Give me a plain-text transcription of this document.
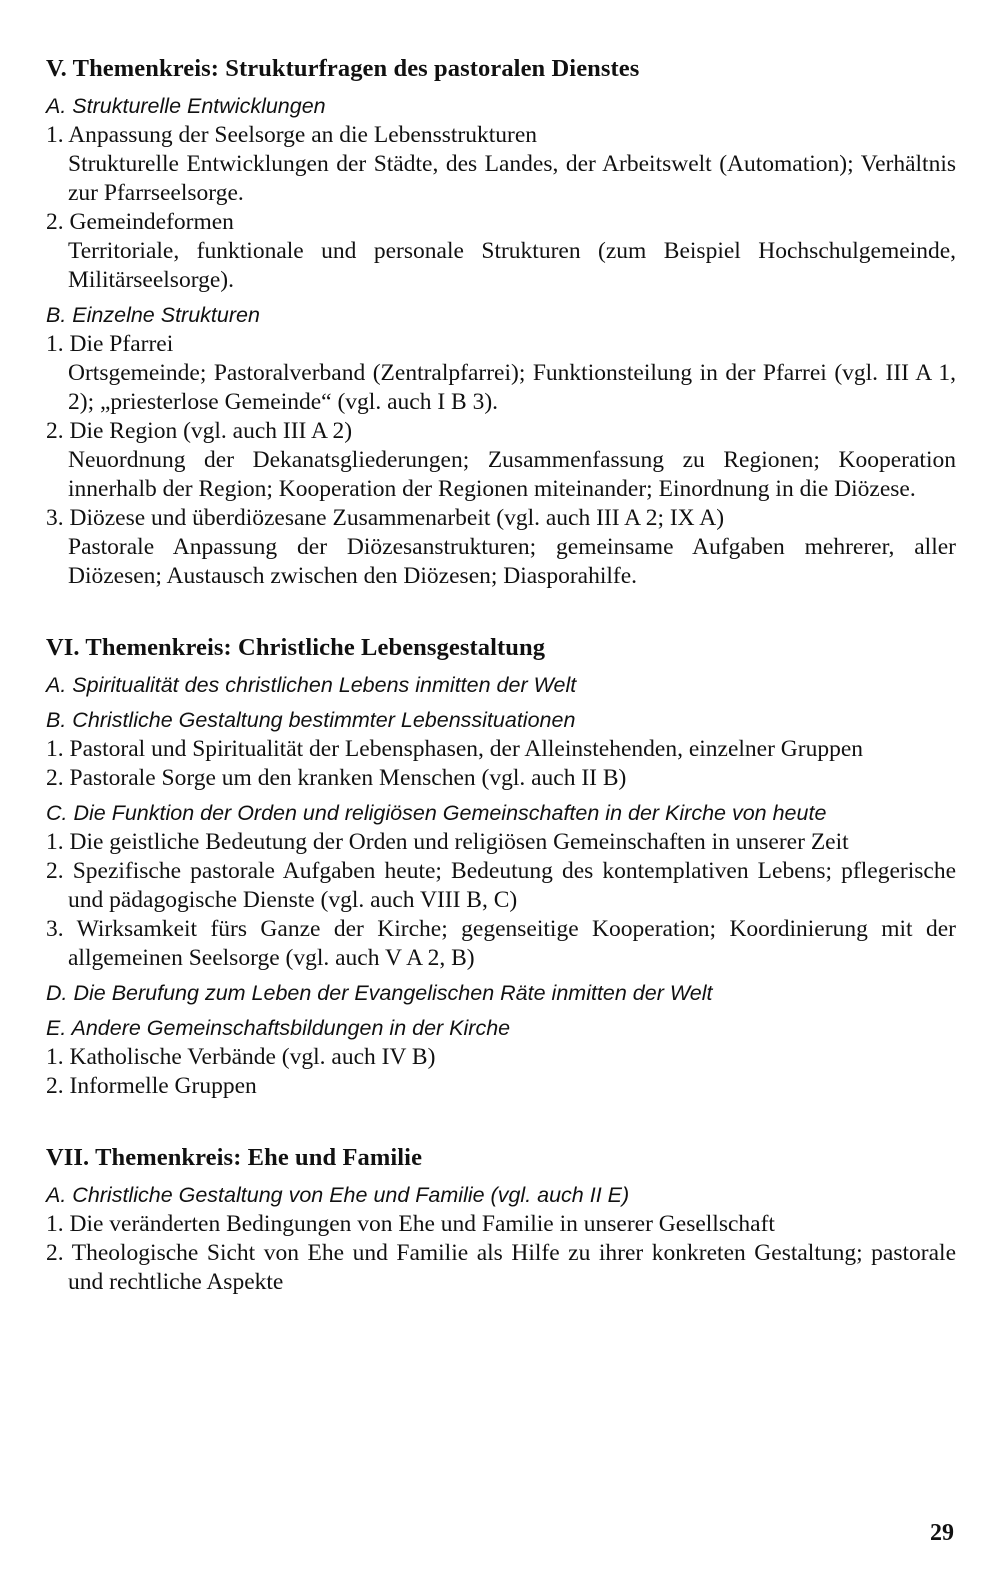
V. Themenkreis: Strukturfragen des pastoralen Dienstes
A. Strukturelle Entwicklungen
1. Anpassung der Seelsorge an die Lebensstrukturen
Strukturelle Entwicklungen der Städte, des Landes, der Arbeitswelt (Automation); Verhältnis zur Pfarrseelsorge.
2. Gemeindeformen
Territoriale, funktionale und personale Strukturen (zum Beispiel Hochschulgemeinde, Militärseelsorge).
B. Einzelne Strukturen
1. Die Pfarrei
Ortsgemeinde; Pastoralverband (Zentralpfarrei); Funktionsteilung in der Pfarrei (vgl. III A 1, 2); „priesterlose Gemeinde“ (vgl. auch I B 3).
2. Die Region (vgl. auch III A 2)
Neuordnung der Dekanatsgliederungen; Zusammenfassung zu Regionen; Kooperation innerhalb der Region; Kooperation der Regionen miteinander; Einordnung in die Diözese.
3. Diözese und überdiözesane Zusammenarbeit (vgl. auch III A 2; IX A)
Pastorale Anpassung der Diözesanstrukturen; gemeinsame Aufgaben mehrerer, aller Diözesen; Austausch zwischen den Diözesen; Diasporahilfe.
VI. Themenkreis: Christliche Lebensgestaltung
A. Spiritualität des christlichen Lebens inmitten der Welt
B. Christliche Gestaltung bestimmter Lebenssituationen
1. Pastoral und Spiritualität der Lebensphasen, der Alleinstehenden, einzelner Gruppen
2. Pastorale Sorge um den kranken Menschen (vgl. auch II B)
C. Die Funktion der Orden und religiösen Gemeinschaften in der Kirche von heute
1. Die geistliche Bedeutung der Orden und religiösen Gemeinschaften in unserer Zeit
2. Spezifische pastorale Aufgaben heute; Bedeutung des kontemplativen Lebens; pflegerische und pädagogische Dienste (vgl. auch VIII B, C)
3. Wirksamkeit fürs Ganze der Kirche; gegenseitige Kooperation; Koordinierung mit der allgemeinen Seelsorge (vgl. auch V A 2, B)
D. Die Berufung zum Leben der Evangelischen Räte inmitten der Welt
E. Andere Gemeinschaftsbildungen in der Kirche
1. Katholische Verbände (vgl. auch IV B)
2. Informelle Gruppen
VII. Themenkreis: Ehe und Familie
A. Christliche Gestaltung von Ehe und Familie (vgl. auch II E)
1. Die veränderten Bedingungen von Ehe und Familie in unserer Gesellschaft
2. Theologische Sicht von Ehe und Familie als Hilfe zu ihrer konkreten Gestaltung; pastorale und rechtliche Aspekte
29
